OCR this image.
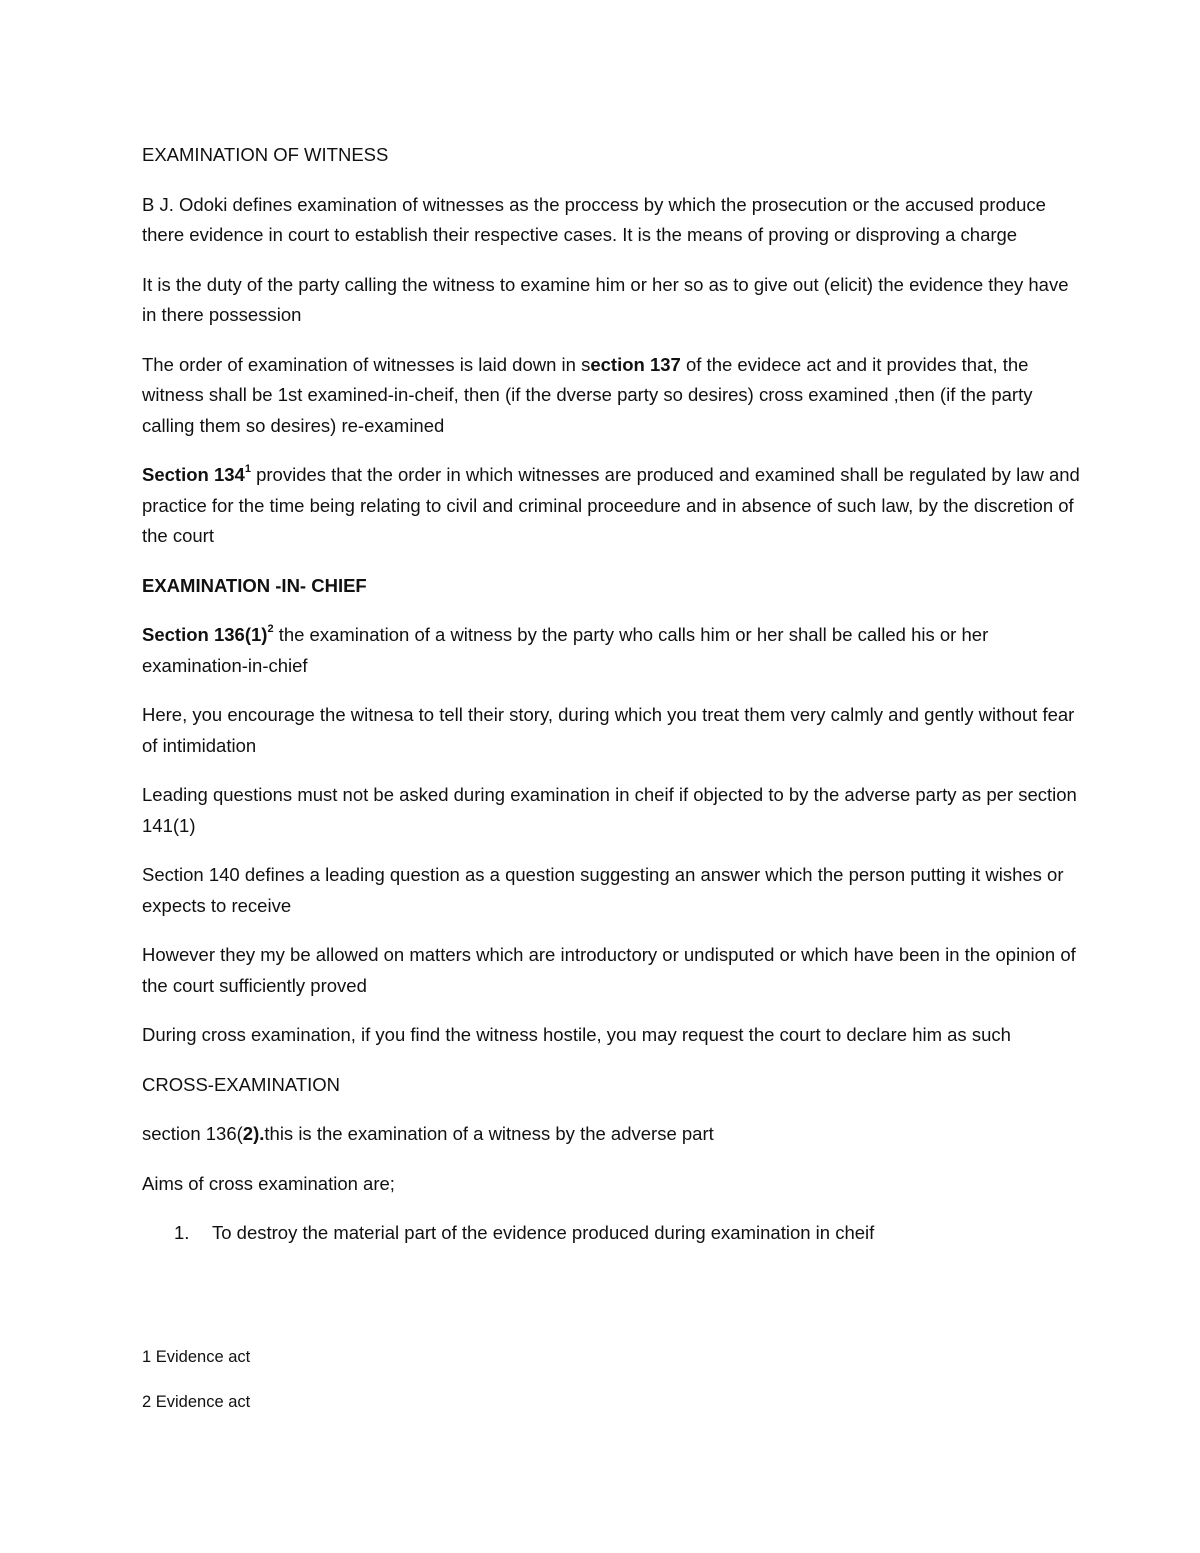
EXAMINATION OF WITNESS

B J. Odoki defines examination of witnesses as the proccess by which the prosecution or the accused produce there evidence in court to establish their respective cases. It is the means of proving or disproving a charge

It is the duty of the party calling the witness to examine him or her so as to give out (elicit) the evidence they have in there possession

The order of examination of witnesses is laid down in section 137 of the evidece act and it provides that, the witness shall be 1st examined-in-cheif, then (if the dverse party so desires) cross examined ,then (if the party calling them so desires) re-examined

Section $134^1$ provides that the order in which witnesses are produced and examined shall be regulated by law and practice for the time being relating to civil and criminal proceedure and in absence of such law, by the discretion of the court

EXAMINATION -IN- CHIEF

Section $136(1)^2$ the examination of a witness by the party who calls him or her shall be called his or her examination-in-chief

Here, you encourage the witnesa to tell their story, during which you treat them very calmly and gently without fear of intimidation

Leading questions must not be asked during examination in cheif if objected to by the adverse party as per section 141(1)

Section 140 defines a leading question as a question suggesting an answer which the person putting it wishes or expects to receive

However they my be allowed on matters which are introductory or undisputed or which have been in the opinion of the court sufficiently proved

During cross examination, if you find the witness hostile, you may request the court to declare him as such

CROSS-EXAMINATION

section 136(2).this is the examination of a witness by the adverse part

Aims of cross examination are;

1. To destroy the material part of the evidence produced during examination in cheif

1 Evidence act

2 Evidence act
